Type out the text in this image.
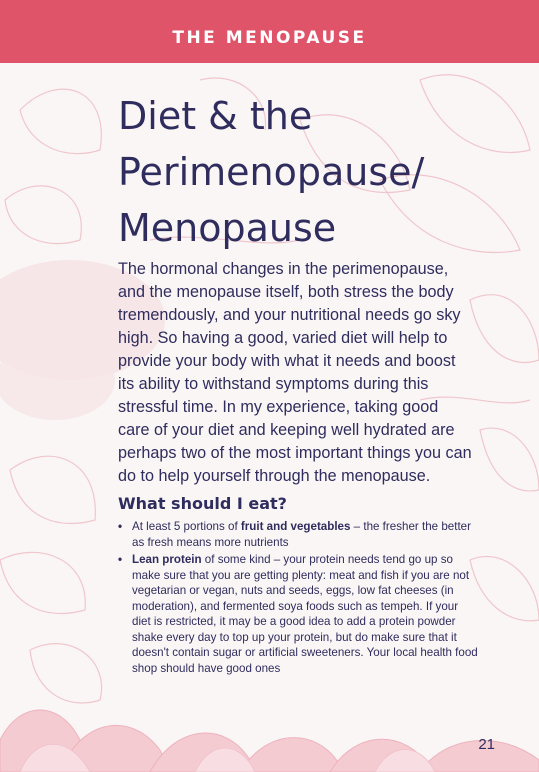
THE MENOPAUSE
Diet & the
Perimenopause/
Menopause

The hormonal changes in the perimenopause,
and the menopause itself, both stress the body
tremendously, and your nutritional needs go sky
high. So having a good, varied diet will help to
provide your body with what it needs and boost
its ability to withstand symptoms during this
stressful time. In my experience, taking good
care of your diet and keeping well hydrated are
perhaps two of the most important things you can
do to help yourself through the menopause.

What should I eat?
• At least 5 portions of fruit and vegetables – the fresher the better
as fresh means more nutrients
• Lean protein of some kind – your protein needs tend go up so
make sure that you are getting plenty: meat and fish if you are not
vegetarian or vegan, nuts and seeds, eggs, low fat cheeses (in
moderation), and fermented soya foods such as tempeh. If your
diet is restricted, it may be a good idea to add a protein powder
shake every day to top up your protein, but do make sure that it
doesn't contain sugar or artificial sweeteners. Your local health food
shop should have good ones
21
